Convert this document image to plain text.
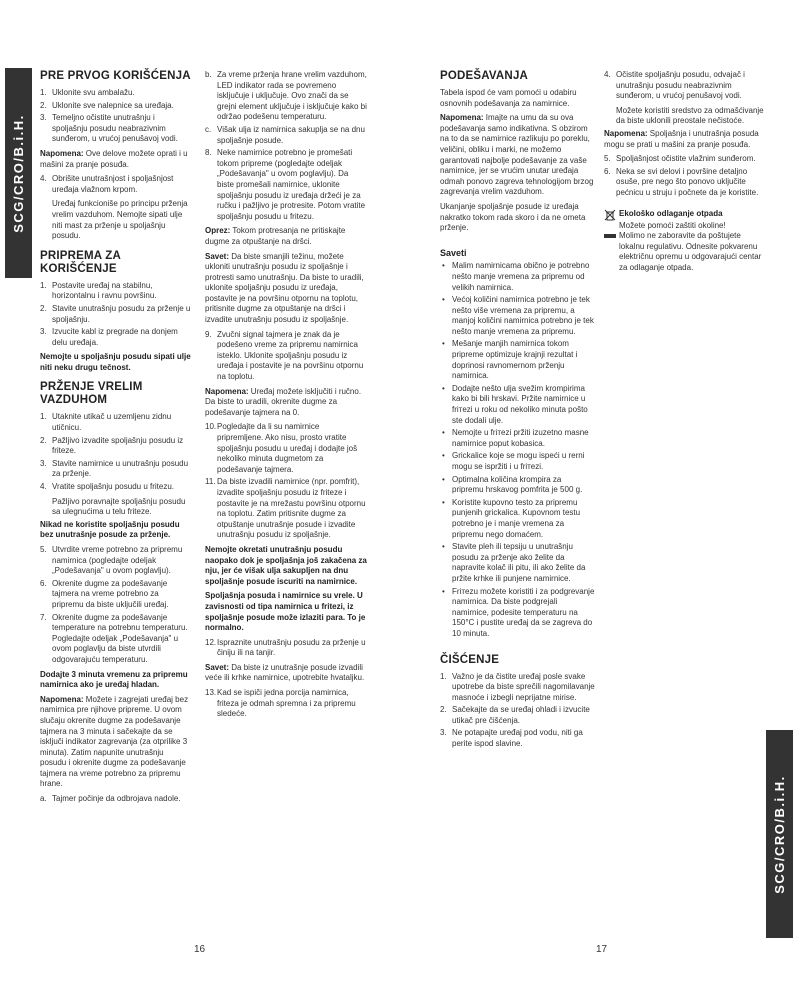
SCG/CRO/B.i.H.
SCG/CRO/B.i.H.
PRE PRVOG KORIŠĆENJA
1. Uklonite svu ambalažu.
2. Uklonite sve nalepnice sa uređaja.
3. Temeljno očistite unutrašnju i spoljašnju posudu neabrazivnim sunđerom, u vrućoj penušavoj vodi.

Napomena: Ove delove možete oprati i u mašini za pranje posuđa.

4. Obrišite unutrašnjost i spoljašnjost uređaja vlažnom krpom.
Uređaj funkcioniše po principu prženja vrelim vazduhom. Nemojte sipati ulje niti mast za prženje u spoljašnju posudu.
PRIPREMA ZA KORIŠĆENJE
1. Postavite uređaj na stabilnu, horizontalnu i ravnu površinu.
2. Stavite unutrašnju posudu za prženje u spoljašnju.
3. Izvucite kabl iz pregrade na donjem delu uređaja.

Nemojte u spoljašnju posudu sipati ulje niti neku drugu tečnost.

PRŽENJE VRELIM VAZDUHOM
1. Utaknite utikač u uzemljenu zidnu utičnicu.
2. Pažljivo izvadite spoljašnju posudu iz friteze.
3. Stavite namirnice u unutrašnju posudu za prženje.
4. Vratite spoljašnju posudu u fritezu.
Pažljivo poravnajte spoljašnju posudu sa ulegnućima u telu friteze.

Nikad ne koristite spoljašnju posudu bez unutrašnje posude za prženje.

5. Utvrdite vreme potrebno za pripremu namirnica (pogledajte odeljak „Podešavanja" u ovom poglavlju).
6. Okrenite dugme za podešavanje tajmera na vreme potrebno za pripremu da biste uključili uređaj.
7. Okrenite dugme za podešavanje temperature na potrebnu temperaturu. Pogledajte odeljak „Podešavanja" u ovom poglavlju da biste utvrdili odgovarajuću temperaturu.

Dodajte 3 minuta vremenu za pripremu namirnica ako je uređaj hladan.

Napomena: Možete i zagrejati uređaj bez namirnica pre njihove pripreme. U ovom slučaju okrenite dugme za podešavanje tajmera na 3 minuta i sačekajte da se isključi indikator zagrevanja (za otprilike 3 minuta). Zatim napunite unutrašnju posudu i okrenite dugme za podešavanje tajmera na vreme potrebno za pripremu hrane.

a. Tajmer počinje da odbrojava nadole.
b. Za vreme prženja hrane vrelim vazduhom, LED indikator rada se povremeno isključuje i uključuje. Ovo znači da se grejni element uključuje i isključuje kako bi održao podešenu temperaturu.
c. Višak ulja iz namirnica sakuplja se na dnu spoljašnje posude.
8. Neke namirnice potrebno je promešati tokom pripreme (pogledajte odeljak „Podešavanja" u ovom poglavlju). Da biste promešali namirnice, uklonite spoljašnju posudu iz uređaja držeći je za ručku i pažljivo je protresite. Potom vratite spoljašnju posudu u fritezu.

Oprez: Tokom protresanja ne pritiskajte dugme za otpuštanje na dršci.

Savet: Da biste smanjili težinu, možete ukloniti unutrašnju posudu iz spoljašnje i protresti samo unutrašnju. Da biste to uradili, uklonite spoljašnju posudu iz uređaja, postavite je na površinu otpornu na toplotu, pritisnite dugme za otpuštanje na dršci i izvadite unutrašnju posudu iz spoljašnje.

9. Zvučni signal tajmera je znak da je podešeno vreme za pripremu namirnica isteklo. Uklonite spoljašnju posudu iz uređaja i postavite je na površinu otpornu na toplotu.

Napomena: Uređaj možete isključiti i ručno. Da biste to uradili, okrenite dugme za podešavanje tajmera na 0.

10. Pogledajte da li su namirnice pripremljene. Ako nisu, prosto vratite spoljašnju posudu u uređaj i dodajte još nekoliko minuta dugmetom za podešavanje tajmera.
11. Da biste izvadili namirnice (npr. pomfrit), izvadite spoljašnju posudu iz friteze i postavite je na mrežastu površinu otpornu na toplotu. Zatim pritisnite dugme za otpuštanje unutrašnje posude i izvadite unutrašnju posudu iz spoljašnje.

Nemojte okretati unutrašnju posudu naopako dok je spoljašnja još zakačena za nju, jer će višak ulja sakupljen na dnu spoljašnje posude iscuriti na namirnice.

Spoljašnja posuda i namirnice su vrele. U zavisnosti od tipa namirnica u fritezi, iz spoljašnje posude može izlaziti para. To je normalno.

12. Ispraznite unutrašnju posudu za prženje u činiju ili na tanjir.

Savet: Da biste iz unutrašnje posude izvadili veće ili krhke namirnice, upotrebite hvataljku.

13. Kad se ispiči jedna porcija namirnica, friteza je odmah spremna i za pripremu sledeće.
PODEŠAVANJA

Tabela ispod će vam pomoći u odabiru osnovnih podešavanja za namirnice.

Napomena: Imajte na umu da su ova podešavanja samo indikativna. S obzirom na to da se namirnice razlikuju po poreklu, veličini, obliku i marki, ne možemo garantovati najbolje podešavanje za vaše namirnice, jer se vrućim unutar uređaja odmah ponovo zagreva tehnologijom brzog zagrevanja vrelim vazduhom.

Ukanjanje spoljašnje posude iz uređaja nakratko tokom rada skoro i da ne ometa prženje.

Saveti
• Malim namirnicama obično je potrebno nešto manje vremena za pripremu od velikih namirnica.
• Većoj količini namirnica potrebno je tek nešto više vremena za pripremu, a manjoj količini namirnica potrebno je tek nešto manje vremena za pripremu.
• Mešanje manjih namirnica tokom pripreme optimizuje krajnji rezultat i doprinosi ravnomernom prženju namirnica.
• Dodajte nešto ulja svežim krompirima kako bi bili hrskavi. Pržite namirnice u frітezi u roku od nekoliko minuta pošto ste dodali ulje.
• Nemojte u frітezi pržiti izuzetno masne namirnice poput kobasica.
• Grickalice koje se mogu ispeći u rerni mogu se ispržiti i u frітezi.
• Optimalna količina krompira za pripremu hrskavog pomfrita je 500 g.
• Koristite kupovno testo za pripremu punjenih grickalica. Kupovnom testu potrebno je i manje vremena za pripremu nego domaćem.
• Stavite pleh ili tepsiju u unutrašnju posudu za prženje ako želite da napravite kolač ili pitu, ili ako želite da pržite krhke ili punjene namirnice.
• Frітezu možete koristiti i za podgrevanje namirnica. Da biste podgrejali namirnice, podesite temperaturu na 150°C i pustite uređaj da se zagreva do 10 minuta.
ČIŠĆENJE
1. Važno je da čistite uređaj posle svake upotrebe da biste sprečili nagomilavanje masnoće i izbegli neprijatne mirise.
2. Sačekajte da se uređaj ohladi i izvucite utikač pre čišćenja.
3. Ne potapajte uređaj pod vodu, niti ga perite ispod slavine.
4. Očistite spoljašnju posudu, odvajač i unutrašnju posudu neabrazivnim sunđerom, u vrućoj penušavoj vodi.
Možete koristiti sredstvo za odmašćivanje da biste uklonili preostale nečistoće.

Napomena: Spoljašnja i unutrašnja posuda mogu se prati u mašini za pranje posuđa.

5. Spoljašnjost očistite vlažnim sunđerom.
6. Neka se svi delovi i površine detaljno osuše, pre nego što ponovo uključite pećnicu u struju i počnete da je koristite.
Ekološko odlaganje otpada
Možete pomoći zaštiti okoline!
Molimo ne zaboravite da poštujete lokalnu regulativu. Odnesite pokvarenu električnu opremu u odgovarajući centar za odlaganje otpada.
16	17
